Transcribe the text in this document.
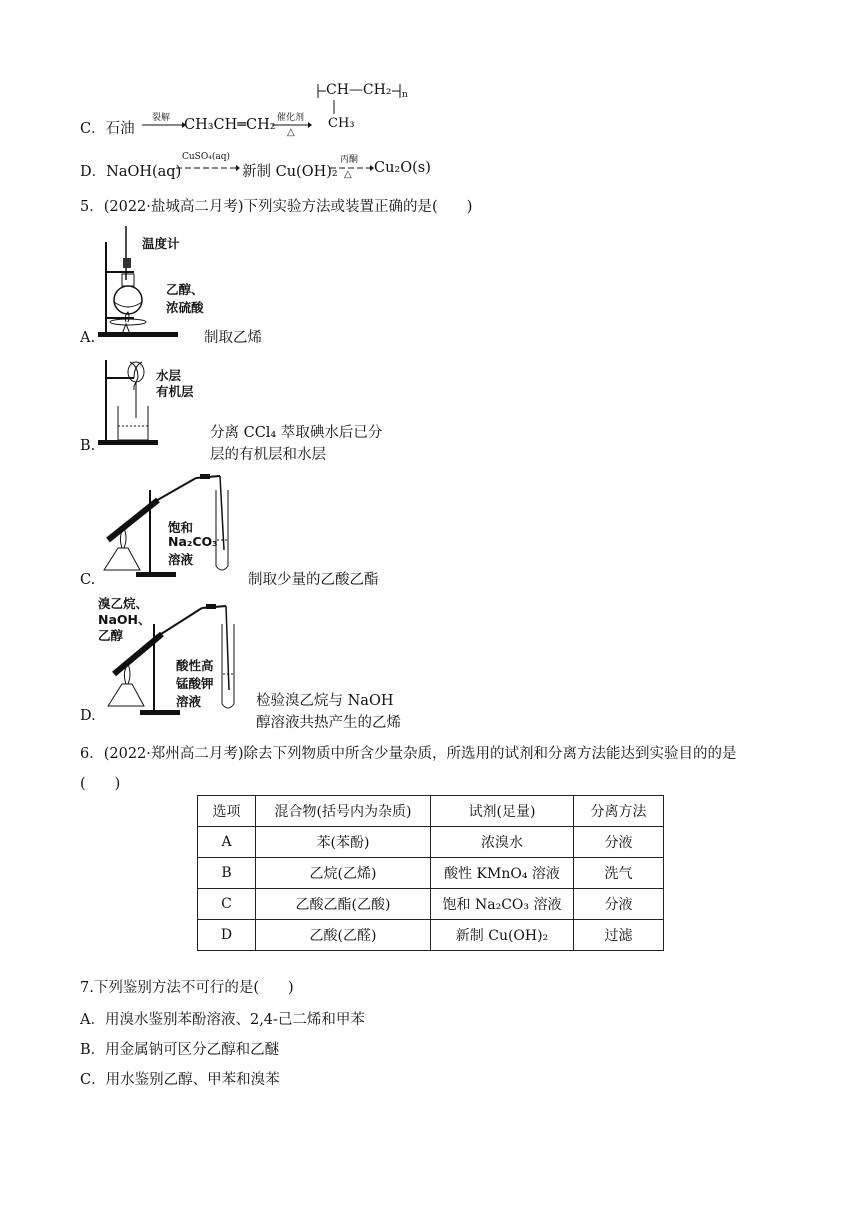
CH—CH₂ n
CH₃
C．石油
裂解 CH₃CH═CH₂ 催化剂
△
D．NaOH(aq)
CuSO₄(aq)
新制 Cu(OH)₂
丙酮
△ Cu₂O(s)
5．(2022·盐城高二月考)下列实验方法或装置正确的是(　　)
温度计
乙醇、
浓硫酸
A.	制取乙烯
水层
有机层
B.
分离 CCl₄ 萃取碘水后已分
层的有机层和水层
饱和
Na₂CO₃
溶液
C.	制取少量的乙酸乙酯
溴乙烷、
NaOH、
乙醇
酸性高
锰酸钾
溶液
D.
检验溴乙烷与 NaOH
醇溶液共热产生的乙烯
6．(2022·郑州高二月考)除去下列物质中所含少量杂质，所选用的试剂和分离方法能达到实验目的的是
(　　)
选项	混合物(括号内为杂质)	试剂(足量)	分离方法
A	苯(苯酚)	浓溴水	分液
B	乙烷(乙烯)	酸性 KMnO₄ 溶液	洗气
C	乙酸乙酯(乙酸)	饱和 Na₂CO₃ 溶液	分液
D	乙酸(乙醛)	新制 Cu(OH)₂	过滤
7.下列鉴别方法不可行的是(　　)
A．用溴水鉴别苯酚溶液、2,4-己二烯和甲苯
B．用金属钠可区分乙醇和乙醚
C．用水鉴别乙醇、甲苯和溴苯
